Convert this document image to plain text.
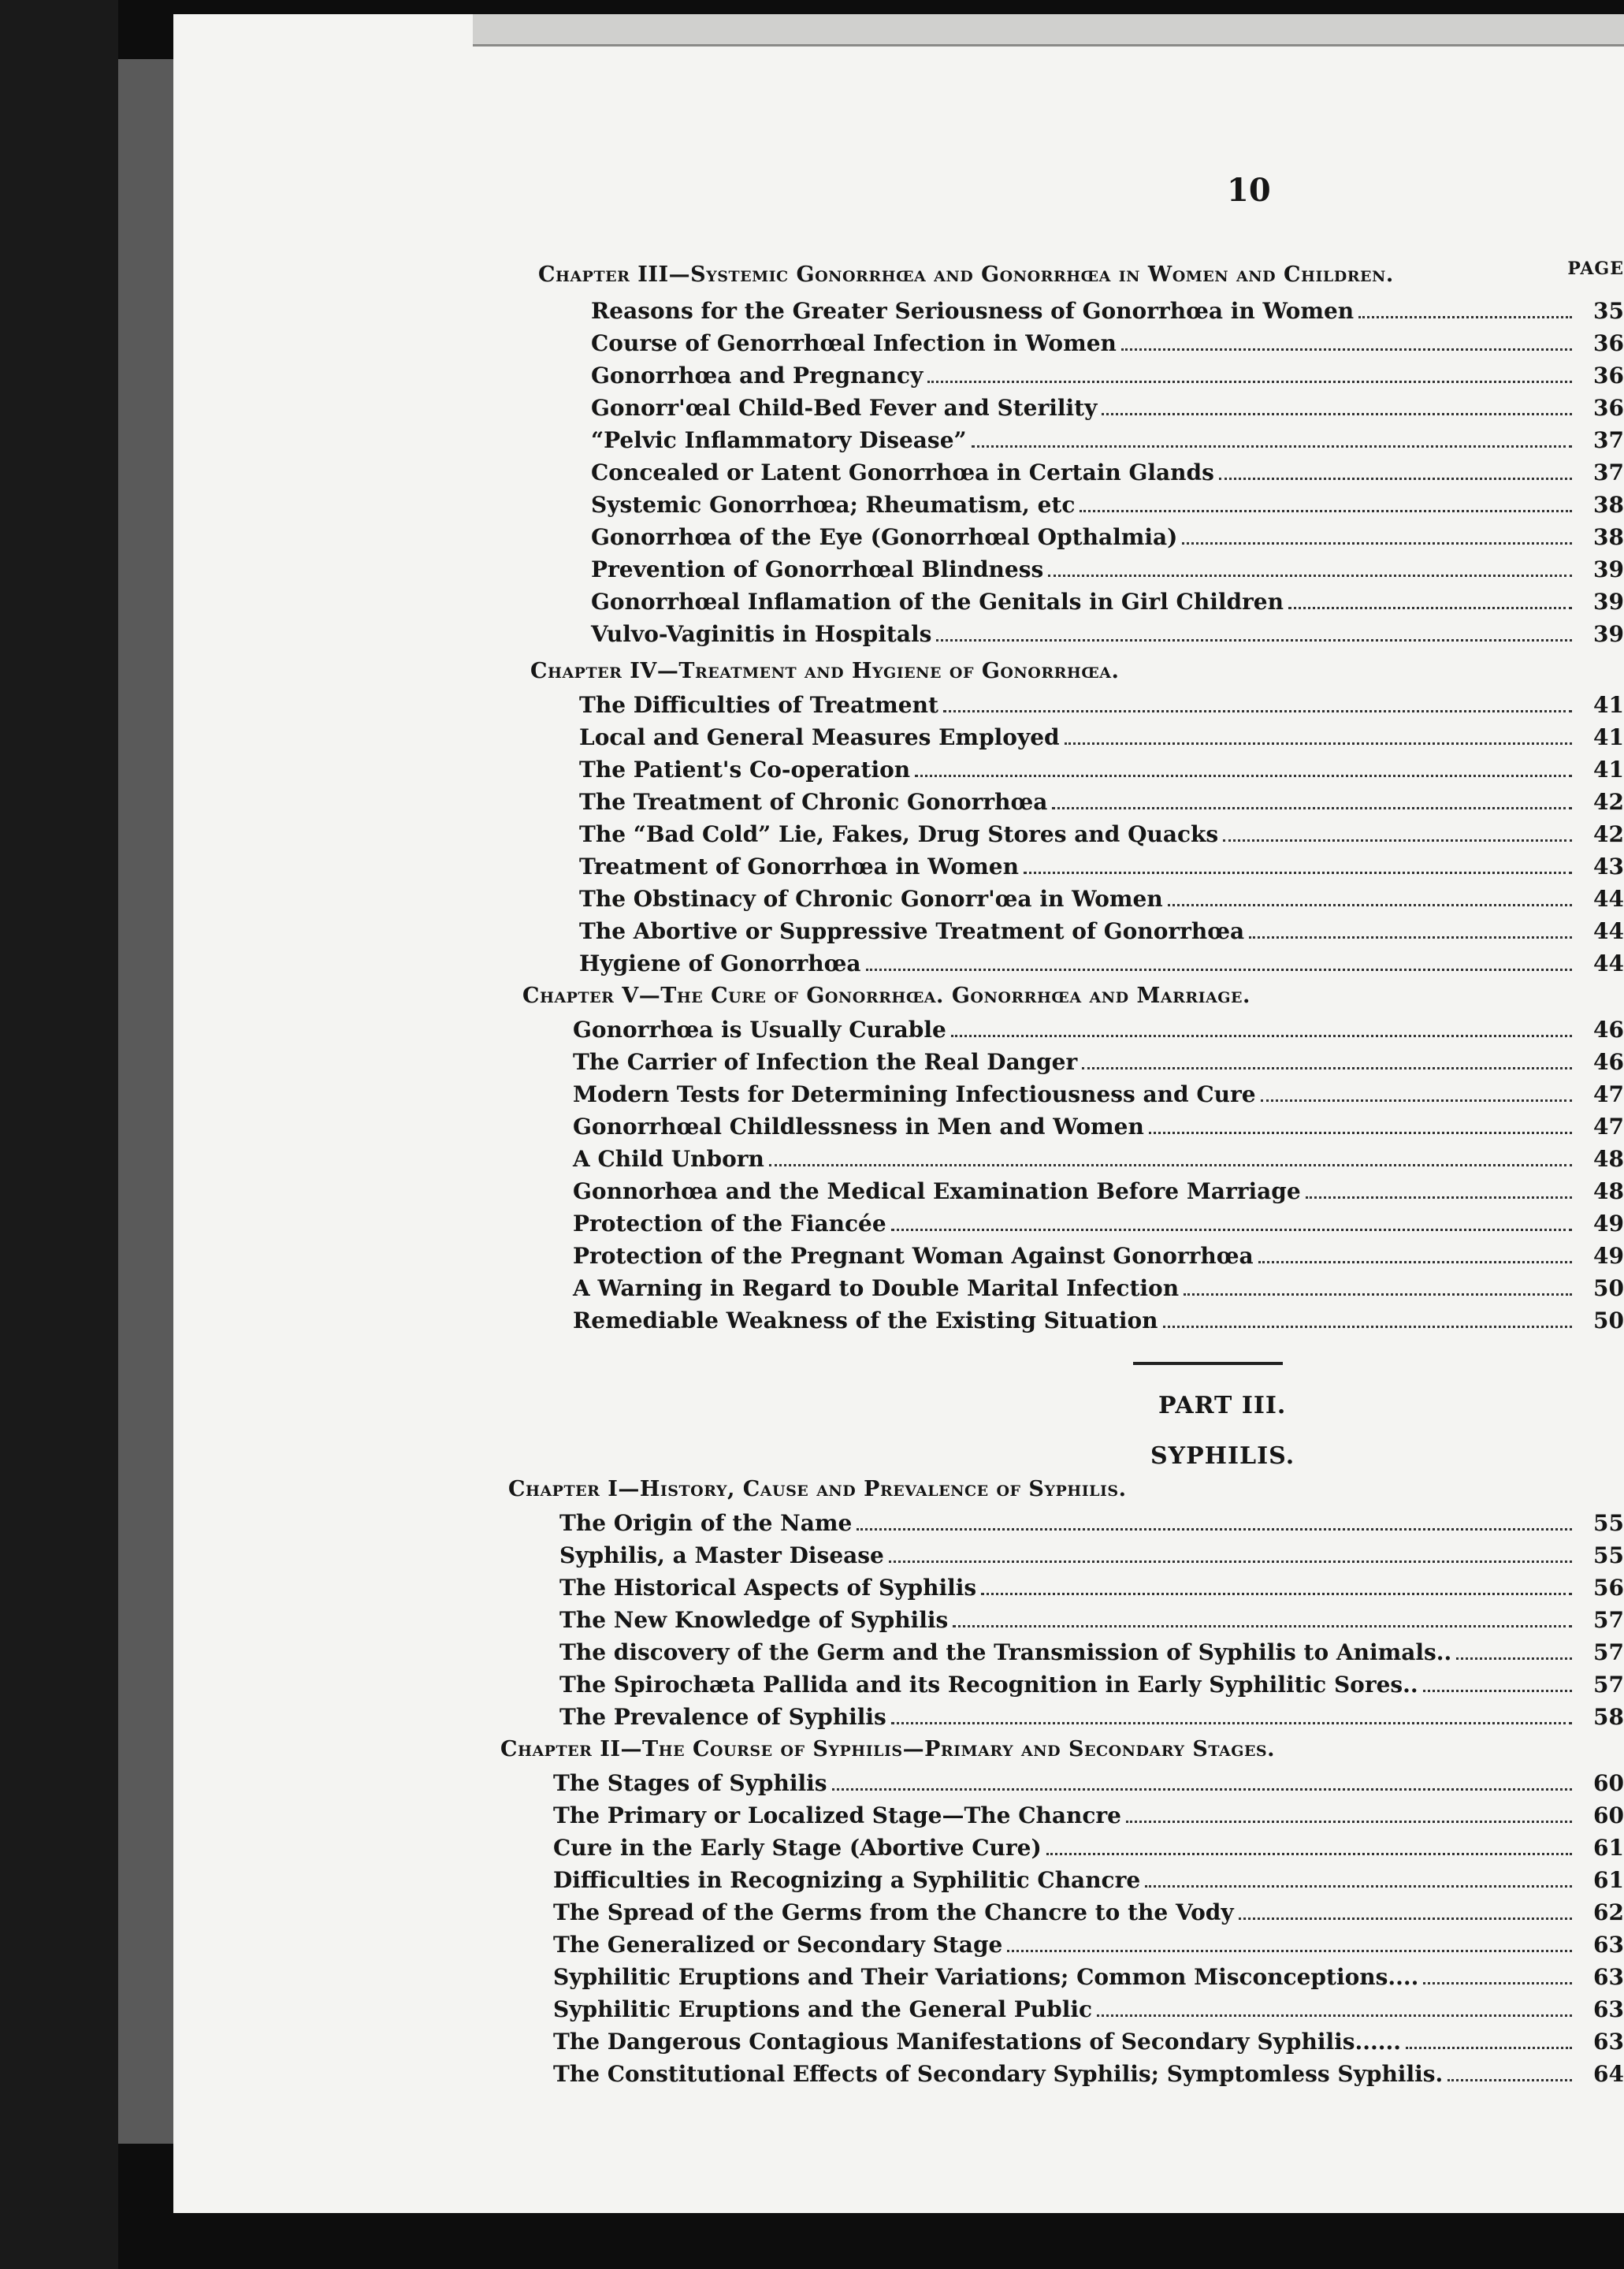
10
PAGE
Chapter III—Systemic Gonorrhœa and Gonorrhœa in Women and Children.
Reasons for the Greater Seriousness of Gonorrhœa in Women	35
Course of Genorrhœal Infection in Women	36
Gonorrhœa and Pregnancy	36
Gonorr'œal Child-Bed Fever and Sterility	36
“Pelvic Inflammatory Disease”	37
Concealed or Latent Gonorrhœa in Certain Glands	37
Systemic Gonorrhœa; Rheumatism, etc	38
Gonorrhœa of the Eye (Gonorrhœal Opthalmia)	38
Prevention of Gonorrhœal Blindness	39
Gonorrhœal Inflamation of the Genitals in Girl Children	39
Vulvo-Vaginitis in Hospitals	39
Chapter IV—Treatment and Hygiene of Gonorrhœa.
The Difficulties of Treatment	41
Local and General Measures Employed	41
The Patient's Co-operation	41
The Treatment of Chronic Gonorrhœa	42
The “Bad Cold” Lie, Fakes, Drug Stores and Quacks	42
Treatment of Gonorrhœa in Women	43
The Obstinacy of Chronic Gonorr'œa in Women	44
The Abortive or Suppressive Treatment of Gonorrhœa	44
Hygiene of Gonorrhœa	44
Chapter V—The Cure of Gonorrhœa. Gonorrhœa and Marriage.
Gonorrhœa is Usually Curable	46
The Carrier of Infection the Real Danger	46
Modern Tests for Determining Infectiousness and Cure	47
Gonorrhœal Childlessness in Men and Women	47
A Child Unborn	48
Gonnorhœa and the Medical Examination Before Marriage	48
Protection of the Fiancée	49
Protection of the Pregnant Woman Against Gonorrhœa	49
A Warning in Regard to Double Marital Infection	50
Remediable Weakness of the Existing Situation	50
PART III.
SYPHILIS.
Chapter I—History, Cause and Prevalence of Syphilis.
The Origin of the Name	55
Syphilis, a Master Disease	55
The Historical Aspects of Syphilis	56
The New Knowledge of Syphilis	57
The discovery of the Germ and the Transmission of Syphilis to Animals..	57
The Spirochæta Pallida and its Recognition in Early Syphilitic Sores..	57
The Prevalence of Syphilis	58
Chapter II—The Course of Syphilis—Primary and Secondary Stages.
The Stages of Syphilis	60
The Primary or Localized Stage—The Chancre	60
Cure in the Early Stage (Abortive Cure)	61
Difficulties in Recognizing a Syphilitic Chancre	61
The Spread of the Germs from the Chancre to the Vody	62
The Generalized or Secondary Stage	63
Syphilitic Eruptions and Their Variations; Common Misconceptions....	63
Syphilitic Eruptions and the General Public	63
The Dangerous Contagious Manifestations of Secondary Syphilis......	63
The Constitutional Effects of Secondary Syphilis; Symptomless Syphilis.	64
